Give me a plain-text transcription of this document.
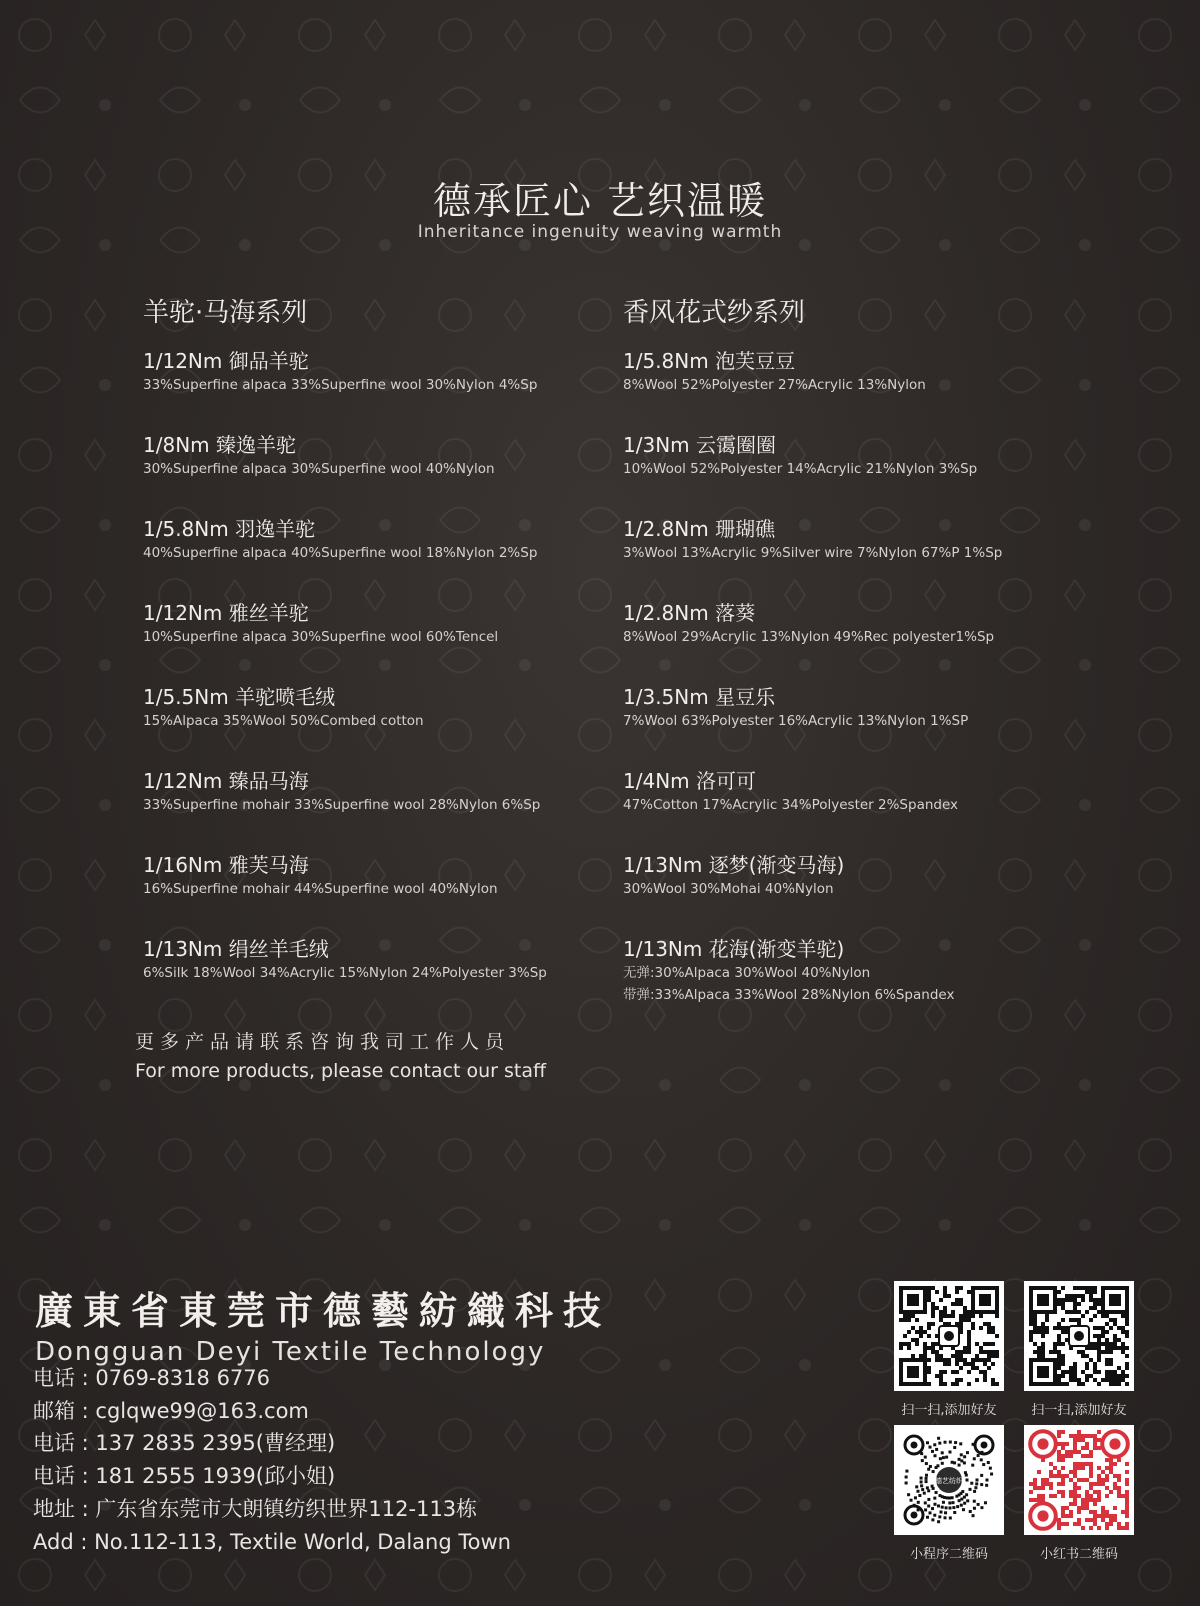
德承匠心 艺织温暖
Inheritance ingenuity weaving warmth
羊驼·马海系列
1/12Nm 御品羊驼
33%Superfine alpaca 33%Superfine wool 30%Nylon 4%Sp
1/8Nm 臻逸羊驼
30%Superfine alpaca 30%Superfine wool 40%Nylon
1/5.8Nm 羽逸羊驼
40%Superfine alpaca 40%Superfine wool 18%Nylon 2%Sp
1/12Nm 雅丝羊驼
10%Superfine alpaca 30%Superfine wool 60%Tencel
1/5.5Nm 羊驼喷毛绒
15%Alpaca 35%Wool 50%Combed cotton
1/12Nm 臻品马海
33%Superfine mohair 33%Superfine wool 28%Nylon 6%Sp
1/16Nm 雅芙马海
16%Superfine mohair 44%Superfine wool 40%Nylon
1/13Nm 绢丝羊毛绒
6%Silk 18%Wool 34%Acrylic 15%Nylon 24%Polyester 3%Sp
香风花式纱系列
1/5.8Nm 泡芙豆豆
8%Wool 52%Polyester 27%Acrylic 13%Nylon
1/3Nm 云霭圈圈
10%Wool 52%Polyester 14%Acrylic 21%Nylon 3%Sp
1/2.8Nm 珊瑚礁
3%Wool 13%Acrylic 9%Silver wire 7%Nylon 67%P 1%Sp
1/2.8Nm 落葵
8%Wool 29%Acrylic 13%Nylon 49%Rec polyester1%Sp
1/3.5Nm 星豆乐
7%Wool 63%Polyester 16%Acrylic 13%Nylon 1%SP
1/4Nm 洛可可
47%Cotton 17%Acrylic 34%Polyester 2%Spandex
1/13Nm 逐梦(渐变马海)
30%Wool 30%Mohai 40%Nylon
1/13Nm 花海(渐变羊驼)
无弹:30%Alpaca 30%Wool 40%Nylon
带弹:33%Alpaca 33%Wool 28%Nylon 6%Spandex
更多产品请联系咨询我司工作人员
For more products, please contact our staff
廣東省東莞市德藝紡織科技
Dongguan Deyi Textile Technology
电话 : 0769-8318 6776
邮箱 : cglqwe99@163.com
电话 : 137 2835 2395(曹经理)
电话 : 181 2555 1939(邱小姐)
地址 : 广东省东莞市大朗镇纺织世界112-113栋
Add : No.112-113, Textile World, Dalang Town
扫一扫,添加好友	扫一扫,添加好友
德艺纺织
小程序二维码	小红书二维码
